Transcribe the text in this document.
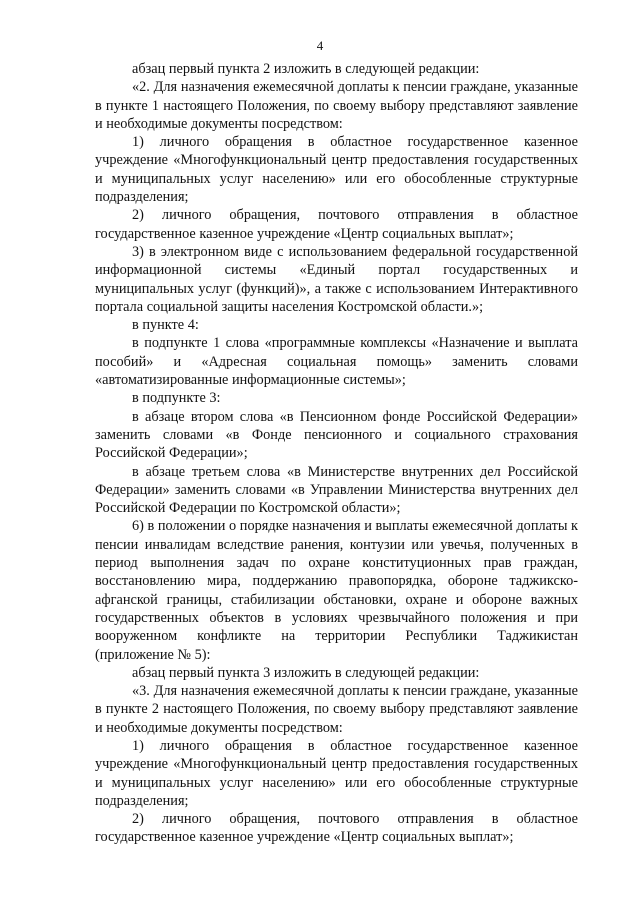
4

абзац первый пункта 2 изложить в следующей редакции:

«2. Для назначения ежемесячной доплаты к пенсии граждане, указанные в пункте 1 настоящего Положения, по своему выбору представляют заявление и необходимые документы посредством:

1) личного обращения в областное государственное казенное учреждение «Многофункциональный центр предоставления государственных и муниципальных услуг населению» или его обособленные структурные подразделения;

2) личного обращения, почтового отправления в областное государственное казенное учреждение «Центр социальных выплат»;

3) в электронном виде с использованием федеральной государственной информационной системы «Единый портал государственных и муниципальных услуг (функций)», а также с использованием Интерактивного портала социальной защиты населения Костромской области.»;

в пункте 4:

в подпункте 1 слова «программные комплексы «Назначение и выплата пособий» и «Адресная социальная помощь» заменить словами «автоматизированные информационные системы»;

в подпункте 3:

в абзаце втором слова «в Пенсионном фонде Российской Федерации» заменить словами «в Фонде пенсионного и социального страхования Российской Федерации»;

в абзаце третьем слова «в Министерстве внутренних дел Российской Федерации» заменить словами «в Управлении Министерства внутренних дел Российской Федерации по Костромской области»;

6) в положении о порядке назначения и выплаты ежемесячной доплаты к пенсии инвалидам вследствие ранения, контузии или увечья, полученных в период выполнения задач по охране конституционных прав граждан, восстановлению мира, поддержанию правопорядка, обороне таджикско-афганской границы, стабилизации обстановки, охране и обороне важных государственных объектов в условиях чрезвычайного положения и при вооруженном конфликте на территории Республики Таджикистан (приложение № 5):

абзац первый пункта 3 изложить в следующей редакции:

«3. Для назначения ежемесячной доплаты к пенсии граждане, указанные в пункте 2 настоящего Положения, по своему выбору представляют заявление и необходимые документы посредством:

1) личного обращения в областное государственное казенное учреждение «Многофункциональный центр предоставления государственных и муниципальных услуг населению» или его обособленные структурные подразделения;

2) личного обращения, почтового отправления в областное государственное казенное учреждение «Центр социальных выплат»;
